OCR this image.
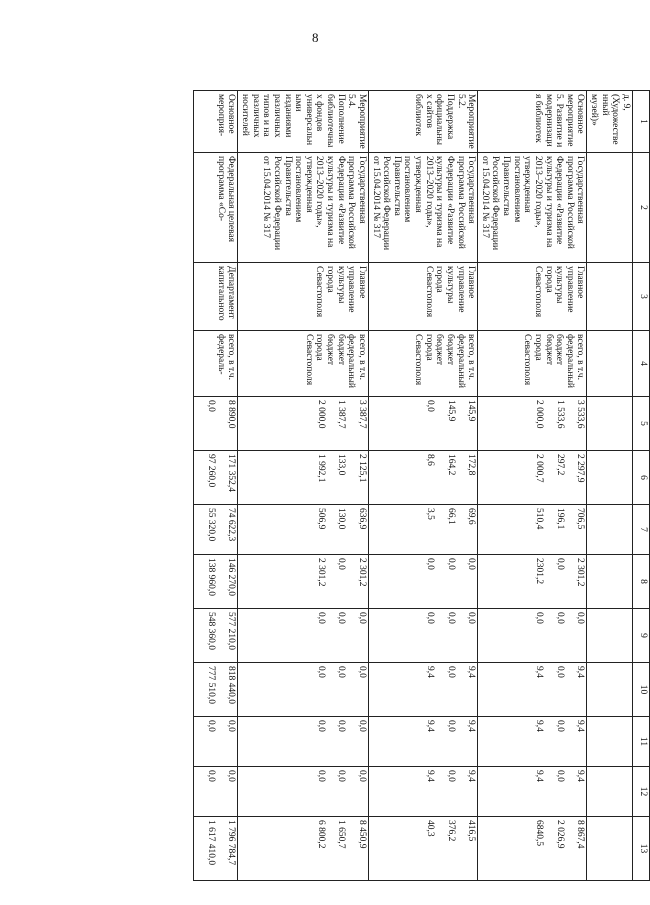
8
1	2	3	4	5	6	7	8	9	10	11	12	13
д. 9, (Художественный музей)»												
Основное мероприятие 5. Развитие и модернизация библиотек	Государственная программа Российской Федерации «Развитие культуры и туризма на 2013–2020 годы», утвержденная постановлением Правительства Российской Федерации от 15.04.2014 № 317	Главное управление культуры города Севастополя	всего, в т.ч.
федеральный бюджет
бюджет города Севастополя	3 533,6
1 533,6
2 000,0	2 297,9
297,2
2 000,7	706,5
196,1
510,4	2 301,2
0,0
2301,2	0,0
0,0
0,0	9,4
0,0
9,4	9,4
0,0
9,4	9,4
0,0
9,4	8 867,4
2 026,9
6840,5

Мероприятие 5.2. Поддержка официальных сайтов библиотек	Государственная программа Российской Федерации «Развитие культуры и туризма на 2013–2020 годы», утвержденная постановлением Правительства Российской Федерации от 15.04.2014 № 317	Главное управление культуры города Севастополя	всего, в т.ч.
федеральный бюджет
бюджет города Севастополя	145,9
145,9
0,0	172,8
164,2
8,6	69,6
66,1
3,5	0,0
0,0
0,0	0,0
0,0
0,0	9,4
0,0
9,4	9,4
0,0
9,4	9,4
0,0
9,4	416,5
376,2
40,3

Мероприятие 5.4. Пополнение библиотечных фондов универсальными изданиями различных типов и на различных носителей	Государственная программа Российской Федерации «Развитие культуры и туризма на 2013–2020 годы», утвержденная постановлением Правительства Российской Федерации от 15.04.2014 № 317	Главное управление культуры города Севастополя	всего, в т.ч.
федеральный бюджет
бюджет города Севастополя	3 387,7
1 387,7
2 000,0	2 125,1
133,0
1 992,1	636,9
130,0
506,9	2 301,2
0,0
2 301,2	0,0
0,0
0,0	0,0
0,0
0,0	0,0
0,0
0,0	0,0
0,0
0,0	8 450,9
1 650,7
6 800,2

Основное мероприя-	Федеральная целевая программа «Со-	Департамент капитального	всего, в т.ч.
федераль-	8 890,0
0,0	171 352,4
97 260,0	74 622,3
55 320,0	146 270,0
138 960,0	577 210,0
548 360,0	818 440,0
777 510,0	0,0
0,0	0,0
0,0	1 796 784,7
1 617 410,0
